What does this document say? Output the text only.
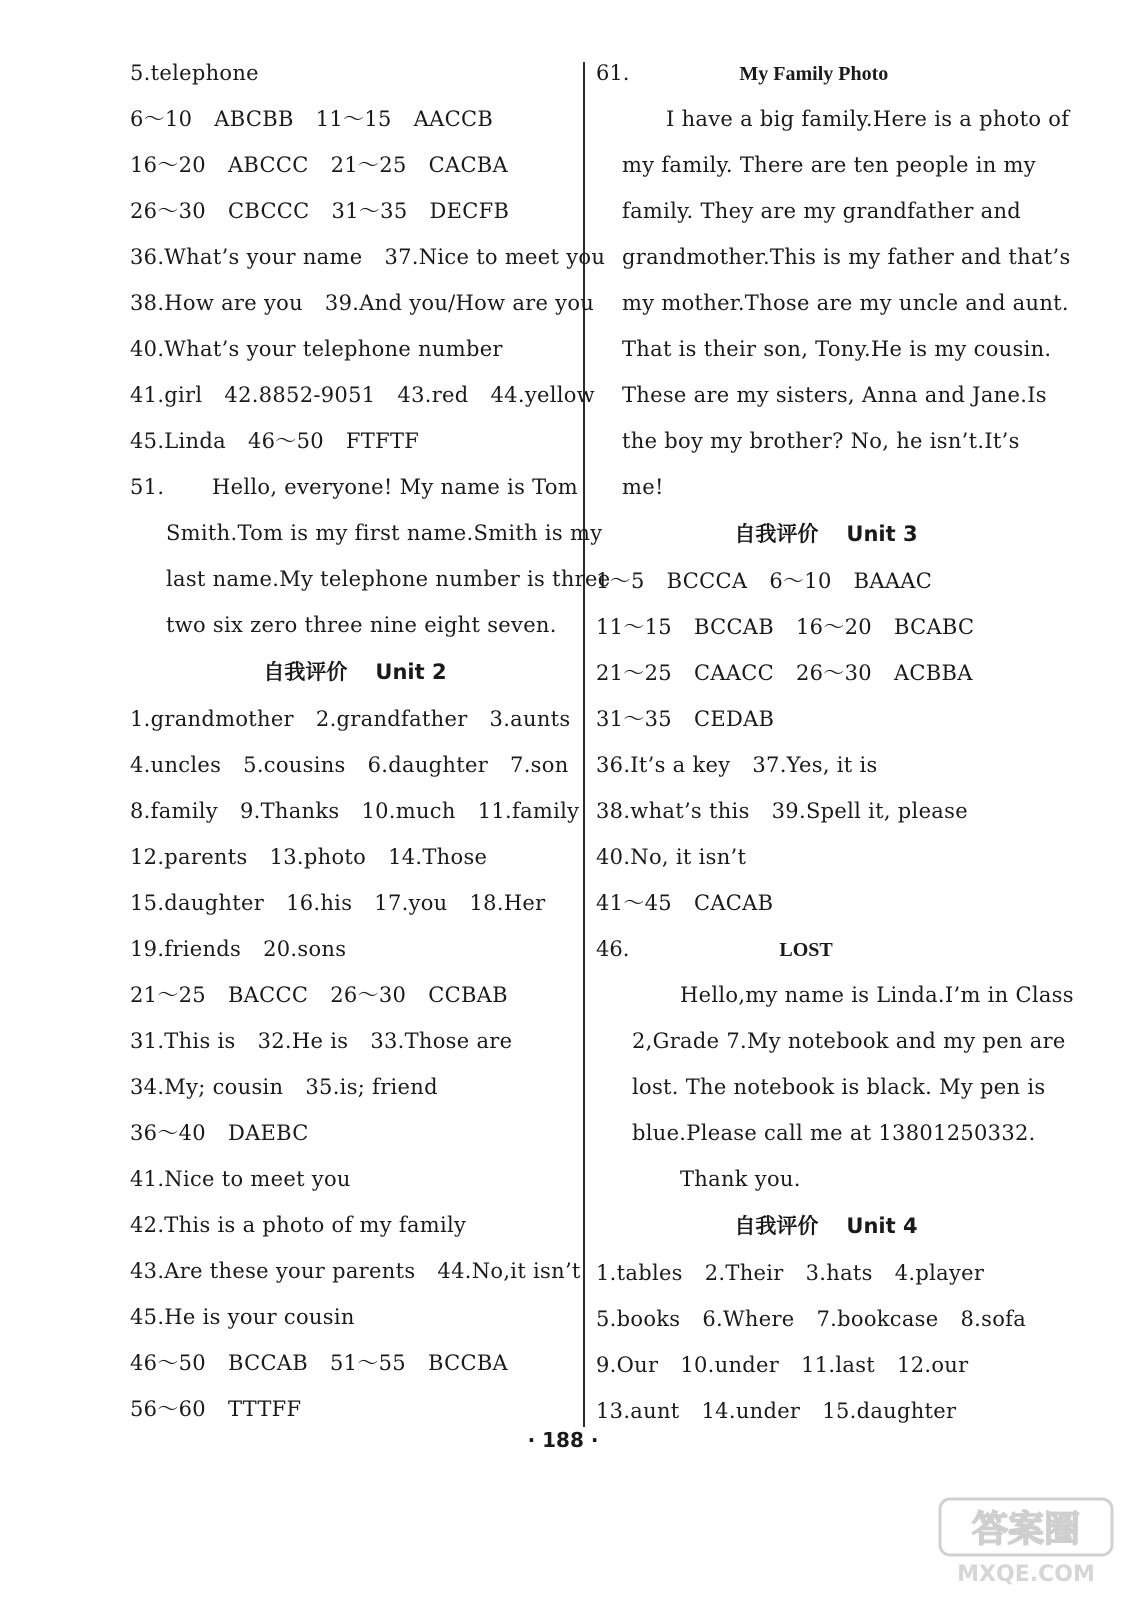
5.telephone
6～10 ABCBB 11～15 AACCB
16～20 ABCCC 21～25 CACBA
26～30 CBCCC 31～35 DECFB
36.What’s your name 37.Nice to meet you
38.How are you 39.And you/How are you
40.What’s your telephone number
41.girl 42.8852-9051 43.red 44.yellow
45.Linda 46～50 FTFTF
51. Hello, everyone! My name is Tom
Smith.Tom is my first name.Smith is my
last name.My telephone number is three
two six zero three nine eight seven.
自我评价 Unit 2
1.grandmother 2.grandfather 3.aunts
4.uncles 5.cousins 6.daughter 7.son
8.family 9.Thanks 10.much 11.family
12.parents 13.photo 14.Those
15.daughter 16.his 17.you 18.Her
19.friends 20.sons
21～25 BACCC 26～30 CCBAB
31.This is 32.He is 33.Those are
34.My; cousin 35.is; friend
36～40 DAEBC
41.Nice to meet you
42.This is a photo of my family
43.Are these your parents 44.No,it isn’t
45.He is your cousin
46～50 BCCAB 51～55 BCCBA
56～60 TTTFF
61.	My Family Photo
I have a big family.Here is a photo of
my family. There are ten people in my
family. They are my grandfather and
grandmother.This is my father and that’s
my mother.Those are my uncle and aunt.
That is their son, Tony.He is my cousin.
These are my sisters, Anna and Jane.Is
the boy my brother? No, he isn’t.It’s
me!
自我评价 Unit 3
1～5 BCCCA 6～10 BAAAC
11～15 BCCAB 16～20 BCABC
21～25 CAACC 26～30 ACBBA
31～35 CEDAB
36.It’s a key 37.Yes, it is
38.what’s this 39.Spell it, please
40.No, it isn’t
41～45 CACAB
46.	LOST
Hello,my name is Linda.I’m in Class
2,Grade 7.My notebook and my pen are
lost. The notebook is black. My pen is
blue.Please call me at 13801250332.
Thank you.
自我评价 Unit 4
1.tables 2.Their 3.hats 4.player
5.books 6.Where 7.bookcase 8.sofa
9.Our 10.under 11.last 12.our
13.aunt 14.under 15.daughter
· 188 ·
答案圈
MXQE.COM
